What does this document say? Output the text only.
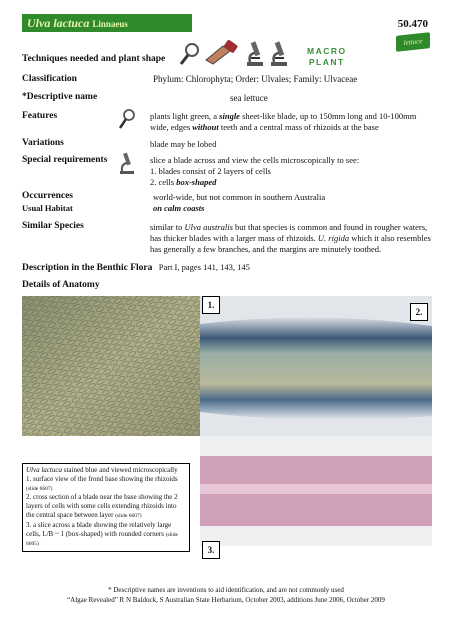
Ulva lactuca Linnaeus	50.470
lettuce
Techniques needed and plant shape
MACRO
PLANT
Classification	Phylum: Chlorophyta; Order: Ulvales; Family: Ulvaceae
*Descriptive name	sea lettuce
Features	plants light green, a single sheet-like blade, up to 150mm long and 10-100mm
wide, edges without teeth and a central mass of rhizoids at the base
Variations	blade may be lobed
Special requirements	slice a blade across and view the cells microscopically to see:
1. blades consist of 2 layers of cells
2. cells box-shaped
Occurrences	world-wide, but not common in southern Australia
Usual Habitat	on calm coasts
Similar Species	similar to Ulva australis but that species is common and found in rougher waters,
has thicker blades with a larger mass of rhizoids. U. rigida which it also resembles
has generally a few branches, and the margins are minutely toothed.
Description in the Benthic Flora Part I, pages 141, 143, 145
Details of Anatomy
1.
2.
3.
Ulva lactuca stained blue and viewed microscopically
1. surface view of the frond base showing the rhizoids (slide 6607)
2. cross section of a blade near the base showing the 2 layers of cells with some cells extending rhizoids into the central space between layer (slide 6607)
3. a slice across a blade showing the relatively large cells, L/B ~ 1 (box-shaped) with rounded corners (slide 6605)
* Descriptive names are inventions to aid identification, and are not commonly used
“Algae Revealed” R N Baldock, S Australian State Herbarium, October 2003, additions June 2006, October 2009
